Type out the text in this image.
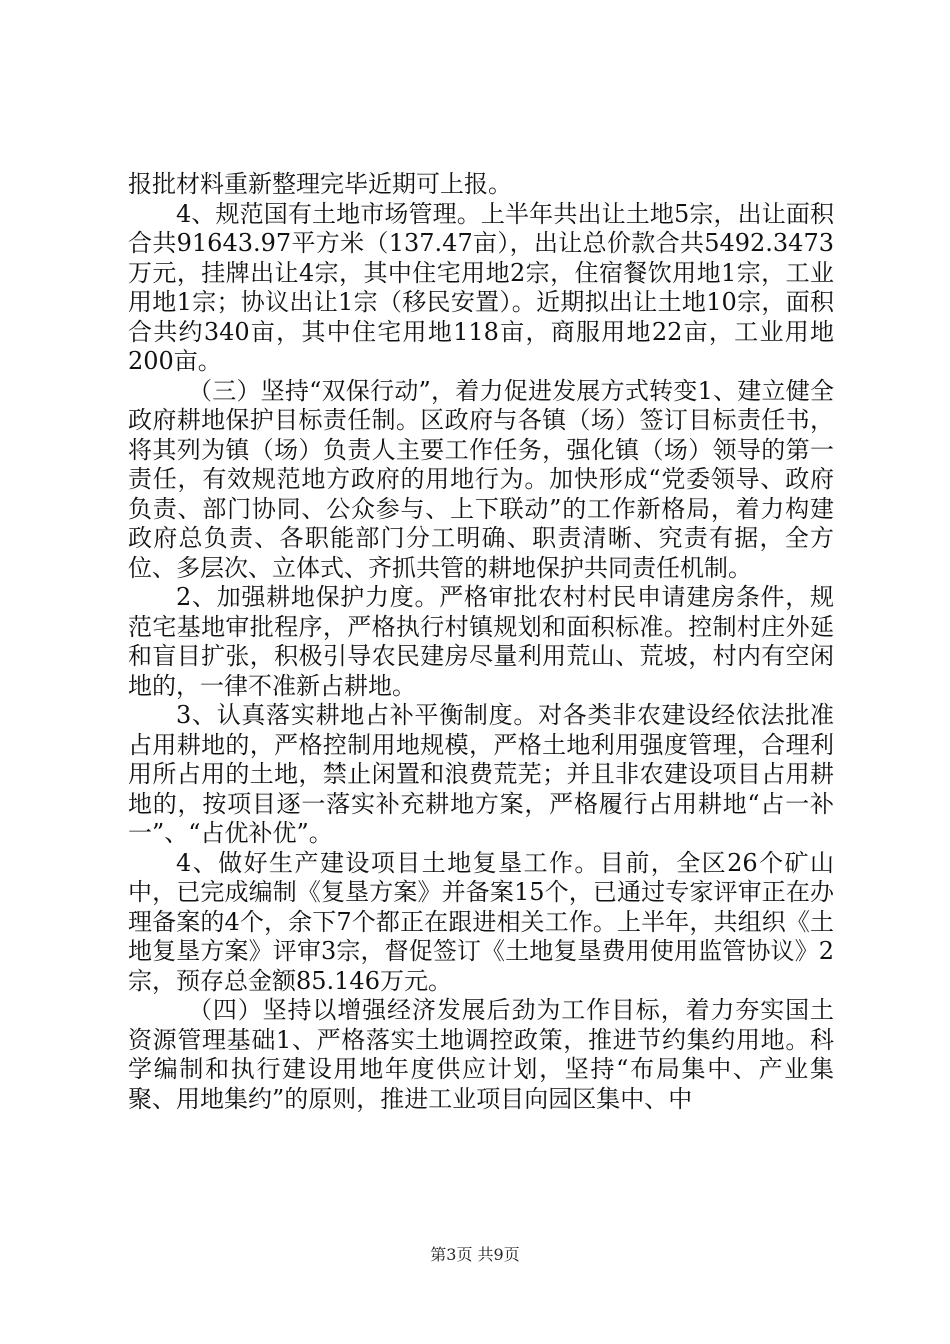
报批材料重新整理完毕近期可上报。

4、规范国有土地市场管理。上半年共出让土地5宗，出让面积合共91643.97平方米（137.47亩），出让总价款合共5492.3473万元，挂牌出让4宗，其中住宅用地2宗，住宿餐饮用地1宗，工业用地1宗；协议出让1宗（移民安置）。近期拟出让土地10宗，面积合共约340亩，其中住宅用地118亩，商服用地22亩，工业用地200亩。

（三）坚持“双保行动”，着力促进发展方式转变1、建立健全政府耕地保护目标责任制。区政府与各镇（场）签订目标责任书，将其列为镇（场）负责人主要工作任务，强化镇（场）领导的第一责任，有效规范地方政府的用地行为。加快形成“党委领导、政府负责、部门协同、公众参与、上下联动”的工作新格局，着力构建政府总负责、各职能部门分工明确、职责清晰、究责有据，全方位、多层次、立体式、齐抓共管的耕地保护共同责任机制。

2、加强耕地保护力度。严格审批农村村民申请建房条件，规范宅基地审批程序，严格执行村镇规划和面积标准。控制村庄外延和盲目扩张，积极引导农民建房尽量利用荒山、荒坡，村内有空闲地的，一律不准新占耕地。

3、认真落实耕地占补平衡制度。对各类非农建设经依法批准占用耕地的，严格控制用地规模，严格土地利用强度管理，合理利用所占用的土地，禁止闲置和浪费荒芜；并且非农建设项目占用耕地的，按项目逐一落实补充耕地方案，严格履行占用耕地“占一补一”、“占优补优”。

4、做好生产建设项目土地复垦工作。目前，全区26个矿山中，已完成编制《复垦方案》并备案15个，已通过专家评审正在办理备案的4个，余下7个都正在跟进相关工作。上半年，共组织《土地复垦方案》评审3宗，督促签订《土地复垦费用使用监管协议》2宗，预存总金额85.146万元。

（四）坚持以增强经济发展后劲为工作目标，着力夯实国土资源管理基础1、严格落实土地调控政策，推进节约集约用地。科学编制和执行建设用地年度供应计划，坚持“布局集中、产业集聚、用地集约”的原则，推进工业项目向园区集中、中

第3页 共9页
